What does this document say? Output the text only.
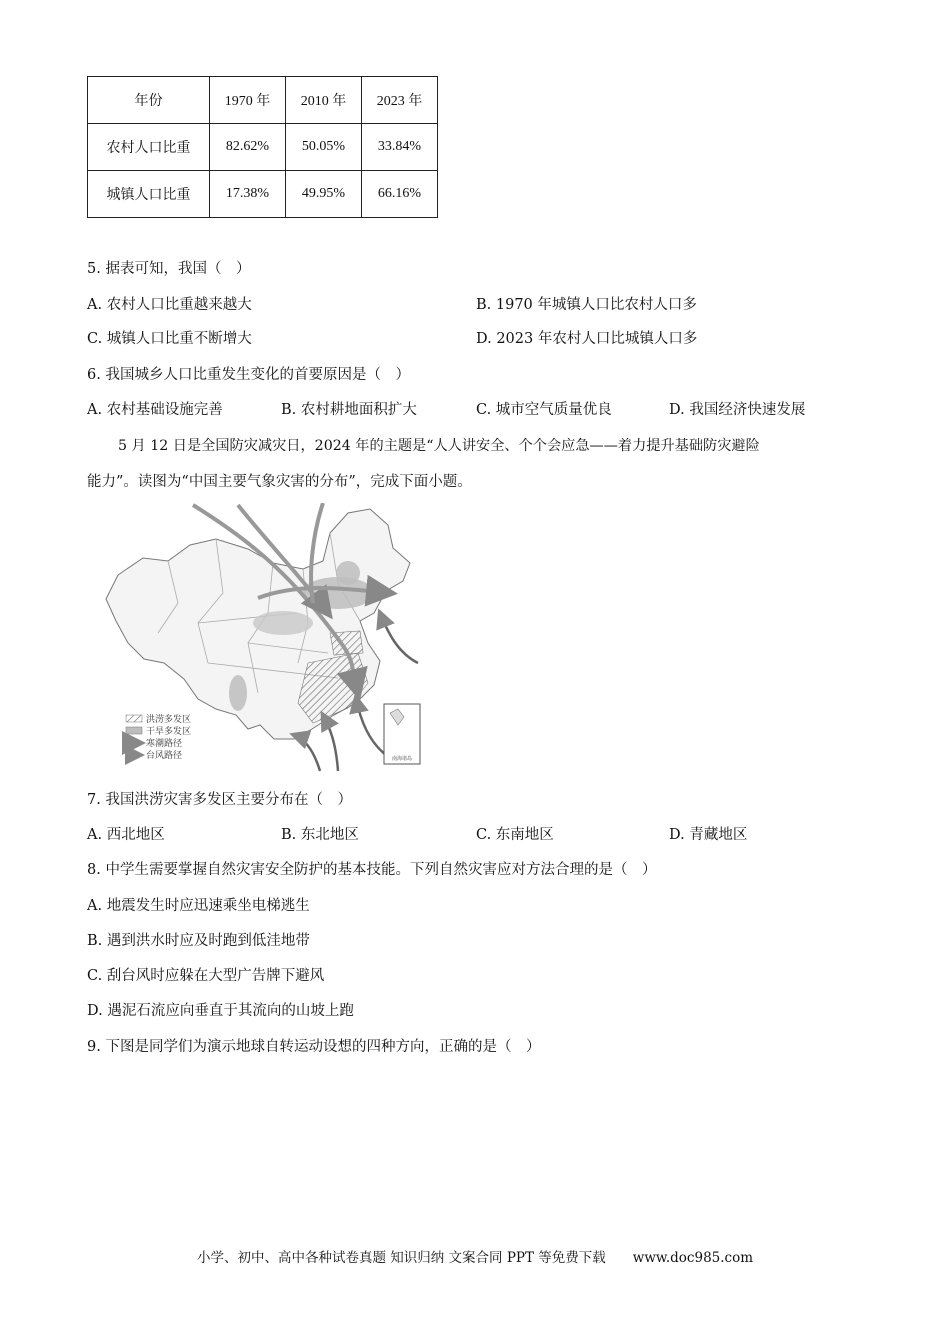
年份	1970 年	2010 年	2023 年
农村人口比重	82.62%	50.05%	33.84%
城镇人口比重	17.38%	49.95%	66.16%
5. 据表可知，我国（　）
A. 农村人口比重越来越大	B. 1970 年城镇人口比农村人口多
C. 城镇人口比重不断增大	D. 2023 年农村人口比城镇人口多
6. 我国城乡人口比重发生变化的首要原因是（　）
A. 农村基础设施完善	B. 农村耕地面积扩大	C. 城市空气质量优良	D. 我国经济快速发展
5 月 12 日是全国防灾减灾日，2024 年的主题是“人人讲安全、个个会应急——着力提升基础防灾避险
能力”。读图为“中国主要气象灾害的分布”，完成下面小题。
南海诸岛
洪涝多发区
干旱多发区
寒潮路径
台风路径
7. 我国洪涝灾害多发区主要分布在（　）
A. 西北地区	B. 东北地区	C. 东南地区	D. 青藏地区
8. 中学生需要掌握自然灾害安全防护的基本技能。下列自然灾害应对方法合理的是（　）
A. 地震发生时应迅速乘坐电梯逃生
B. 遇到洪水时应及时跑到低洼地带
C. 刮台风时应躲在大型广告牌下避风
D. 遇泥石流应向垂直于其流向的山坡上跑
9. 下图是同学们为演示地球自转运动设想的四种方向，正确的是（　）
小学、初中、高中各种试卷真题 知识归纳 文案合同 PPT 等免费下载　　www.doc985.com
